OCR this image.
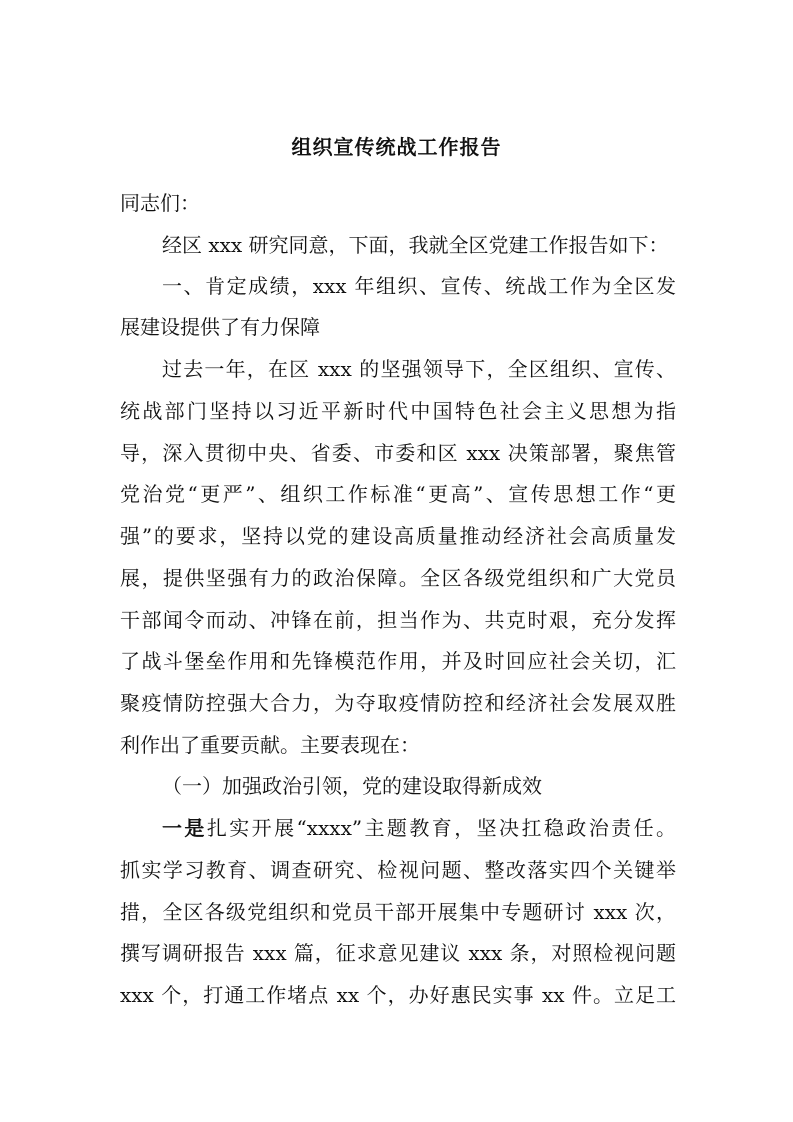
组织宣传统战工作报告
同志们：
经区 xxx 研究同意，下面，我就全区党建工作报告如下：
一、肯定成绩，xxx 年组织、宣传、统战工作为全区发
展建设提供了有力保障
过去一年，在区 xxx 的坚强领导下，全区组织、宣传、
统战部门坚持以习近平新时代中国特色社会主义思想为指
导，深入贯彻中央、省委、市委和区 xxx 决策部署，聚焦管
党治党“更严”、组织工作标准“更高”、宣传思想工作“更
强”的要求，坚持以党的建设高质量推动经济社会高质量发
展，提供坚强有力的政治保障。全区各级党组织和广大党员
干部闻令而动、冲锋在前，担当作为、共克时艰，充分发挥
了战斗堡垒作用和先锋模范作用，并及时回应社会关切，汇
聚疫情防控强大合力，为夺取疫情防控和经济社会发展双胜
利作出了重要贡献。主要表现在：
（一）加强政治引领，党的建设取得新成效
一是扎实开展“xxxx”主题教育，坚决扛稳政治责任。
抓实学习教育、调查研究、检视问题、整改落实四个关键举
措，全区各级党组织和党员干部开展集中专题研讨 xxx 次，
撰写调研报告 xxx 篇，征求意见建议 xxx 条，对照检视问题
xxx 个，打通工作堵点 xx 个，办好惠民实事 xx 件。立足工
